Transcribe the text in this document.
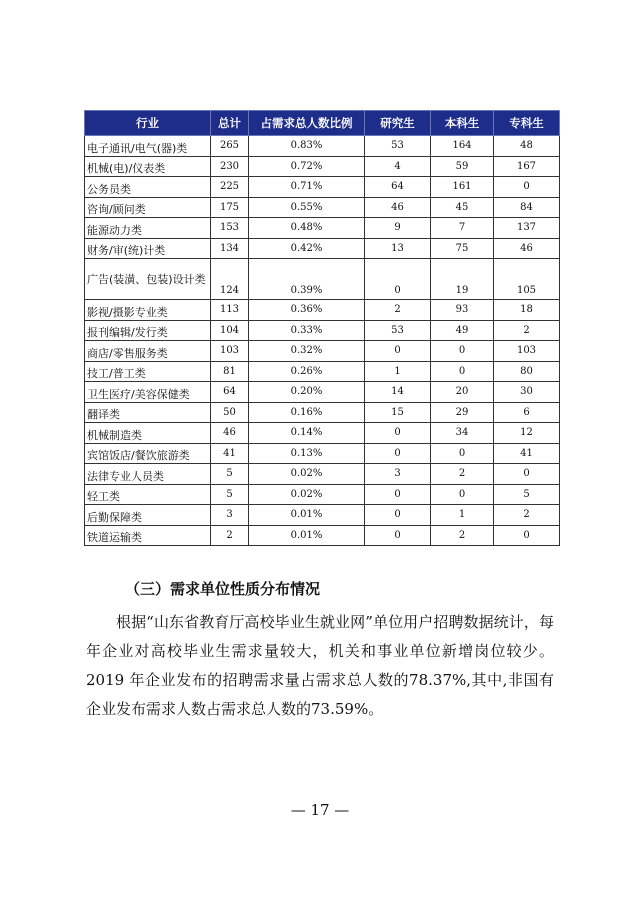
行业	总计	占需求总人数比例	研究生	本科生	专科生
电子通讯/电气(器)类	265	0.83%	53	164	48
机械(电)/仪表类	230	0.72%	4	59	167
公务员类	225	0.71%	64	161	0
咨询/顾问类	175	0.55%	46	45	84
能源动力类	153	0.48%	9	7	137
财务/审(统)计类	134	0.42%	13	75	46
广告(装潢、包装)设计类	124	0.39%	0	19	105
影视/摄影专业类	113	0.36%	2	93	18
报刊编辑/发行类	104	0.33%	53	49	2
商店/零售服务类	103	0.32%	0	0	103
技工/普工类	81	0.26%	1	0	80
卫生医疗/美容保健类	64	0.20%	14	20	30
翻译类	50	0.16%	15	29	6
机械制造类	46	0.14%	0	34	12
宾馆饭店/餐饮旅游类	41	0.13%	0	0	41
法律专业人员类	5	0.02%	3	2	0
轻工类	5	0.02%	0	0	5
后勤保障类	3	0.01%	0	1	2
铁道运输类	2	0.01%	0	2	0
（三）需求单位性质分布情况

根据“山东省教育厅高校毕业生就业网”单位用户招聘数据统计，每年企业对高校毕业生需求量较大，机关和事业单位新增岗位较少。2019 年企业发布的招聘需求量占需求总人数的78.37%,其中,非国有企业发布需求人数占需求总人数的73.59%。

— 17 —
